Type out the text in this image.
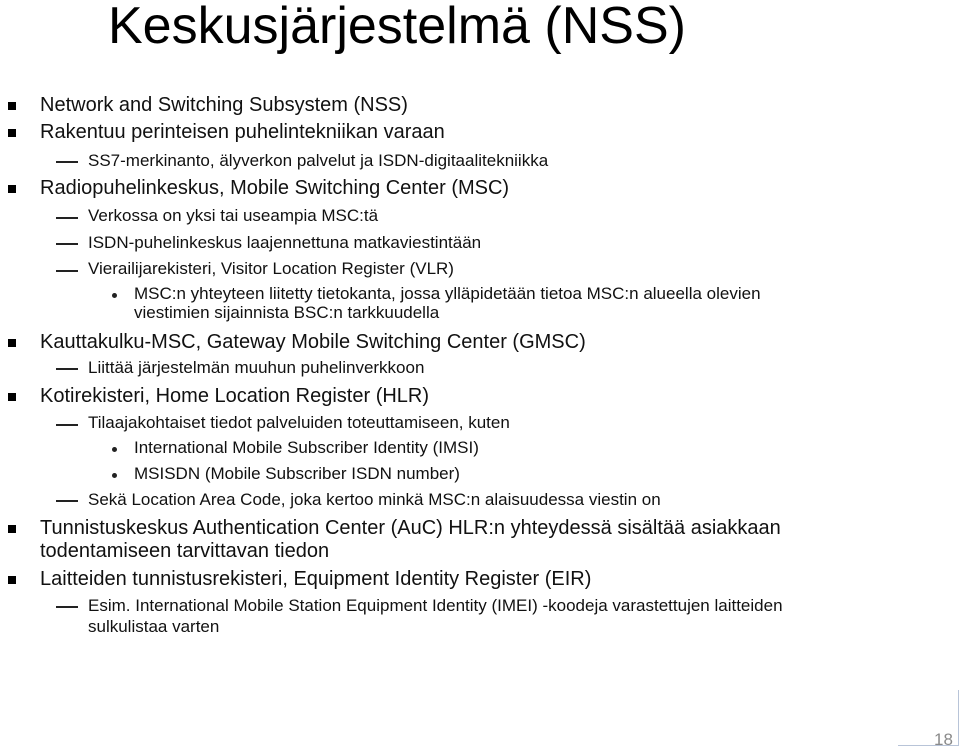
Keskusjärjestelmä (NSS)
Network and Switching Subsystem (NSS)
Rakentuu perinteisen puhelintekniikan varaan
SS7-merkinanto, älyverkon palvelut ja ISDN-digitaalitekniikka
Radiopuhelinkeskus, Mobile Switching Center (MSC)
Verkossa on yksi tai useampia MSC:tä
ISDN-puhelinkeskus laajennettuna matkaviestintään
Vierailijarekisteri, Visitor Location Register (VLR)
MSC:n yhteyteen liitetty tietokanta, jossa ylläpidetään tietoa MSC:n alueella olevien
viestimien sijainnista BSC:n tarkkuudella
Kauttakulku-MSC, Gateway Mobile Switching Center (GMSC)
Liittää järjestelmän muuhun puhelinverkkoon
Kotirekisteri, Home Location Register (HLR)
Tilaajakohtaiset tiedot palveluiden toteuttamiseen, kuten
International Mobile Subscriber Identity (IMSI)
MSISDN (Mobile Subscriber ISDN number)
Sekä Location Area Code, joka kertoo minkä MSC:n alaisuudessa viestin on
Tunnistuskeskus Authentication Center (AuC) HLR:n yhteydessä sisältää asiakkaan
todentamiseen tarvittavan tiedon
Laitteiden tunnistusrekisteri, Equipment Identity Register (EIR)
Esim. International Mobile Station Equipment Identity (IMEI) -koodeja varastettujen laitteiden
sulkulistaa varten
18
